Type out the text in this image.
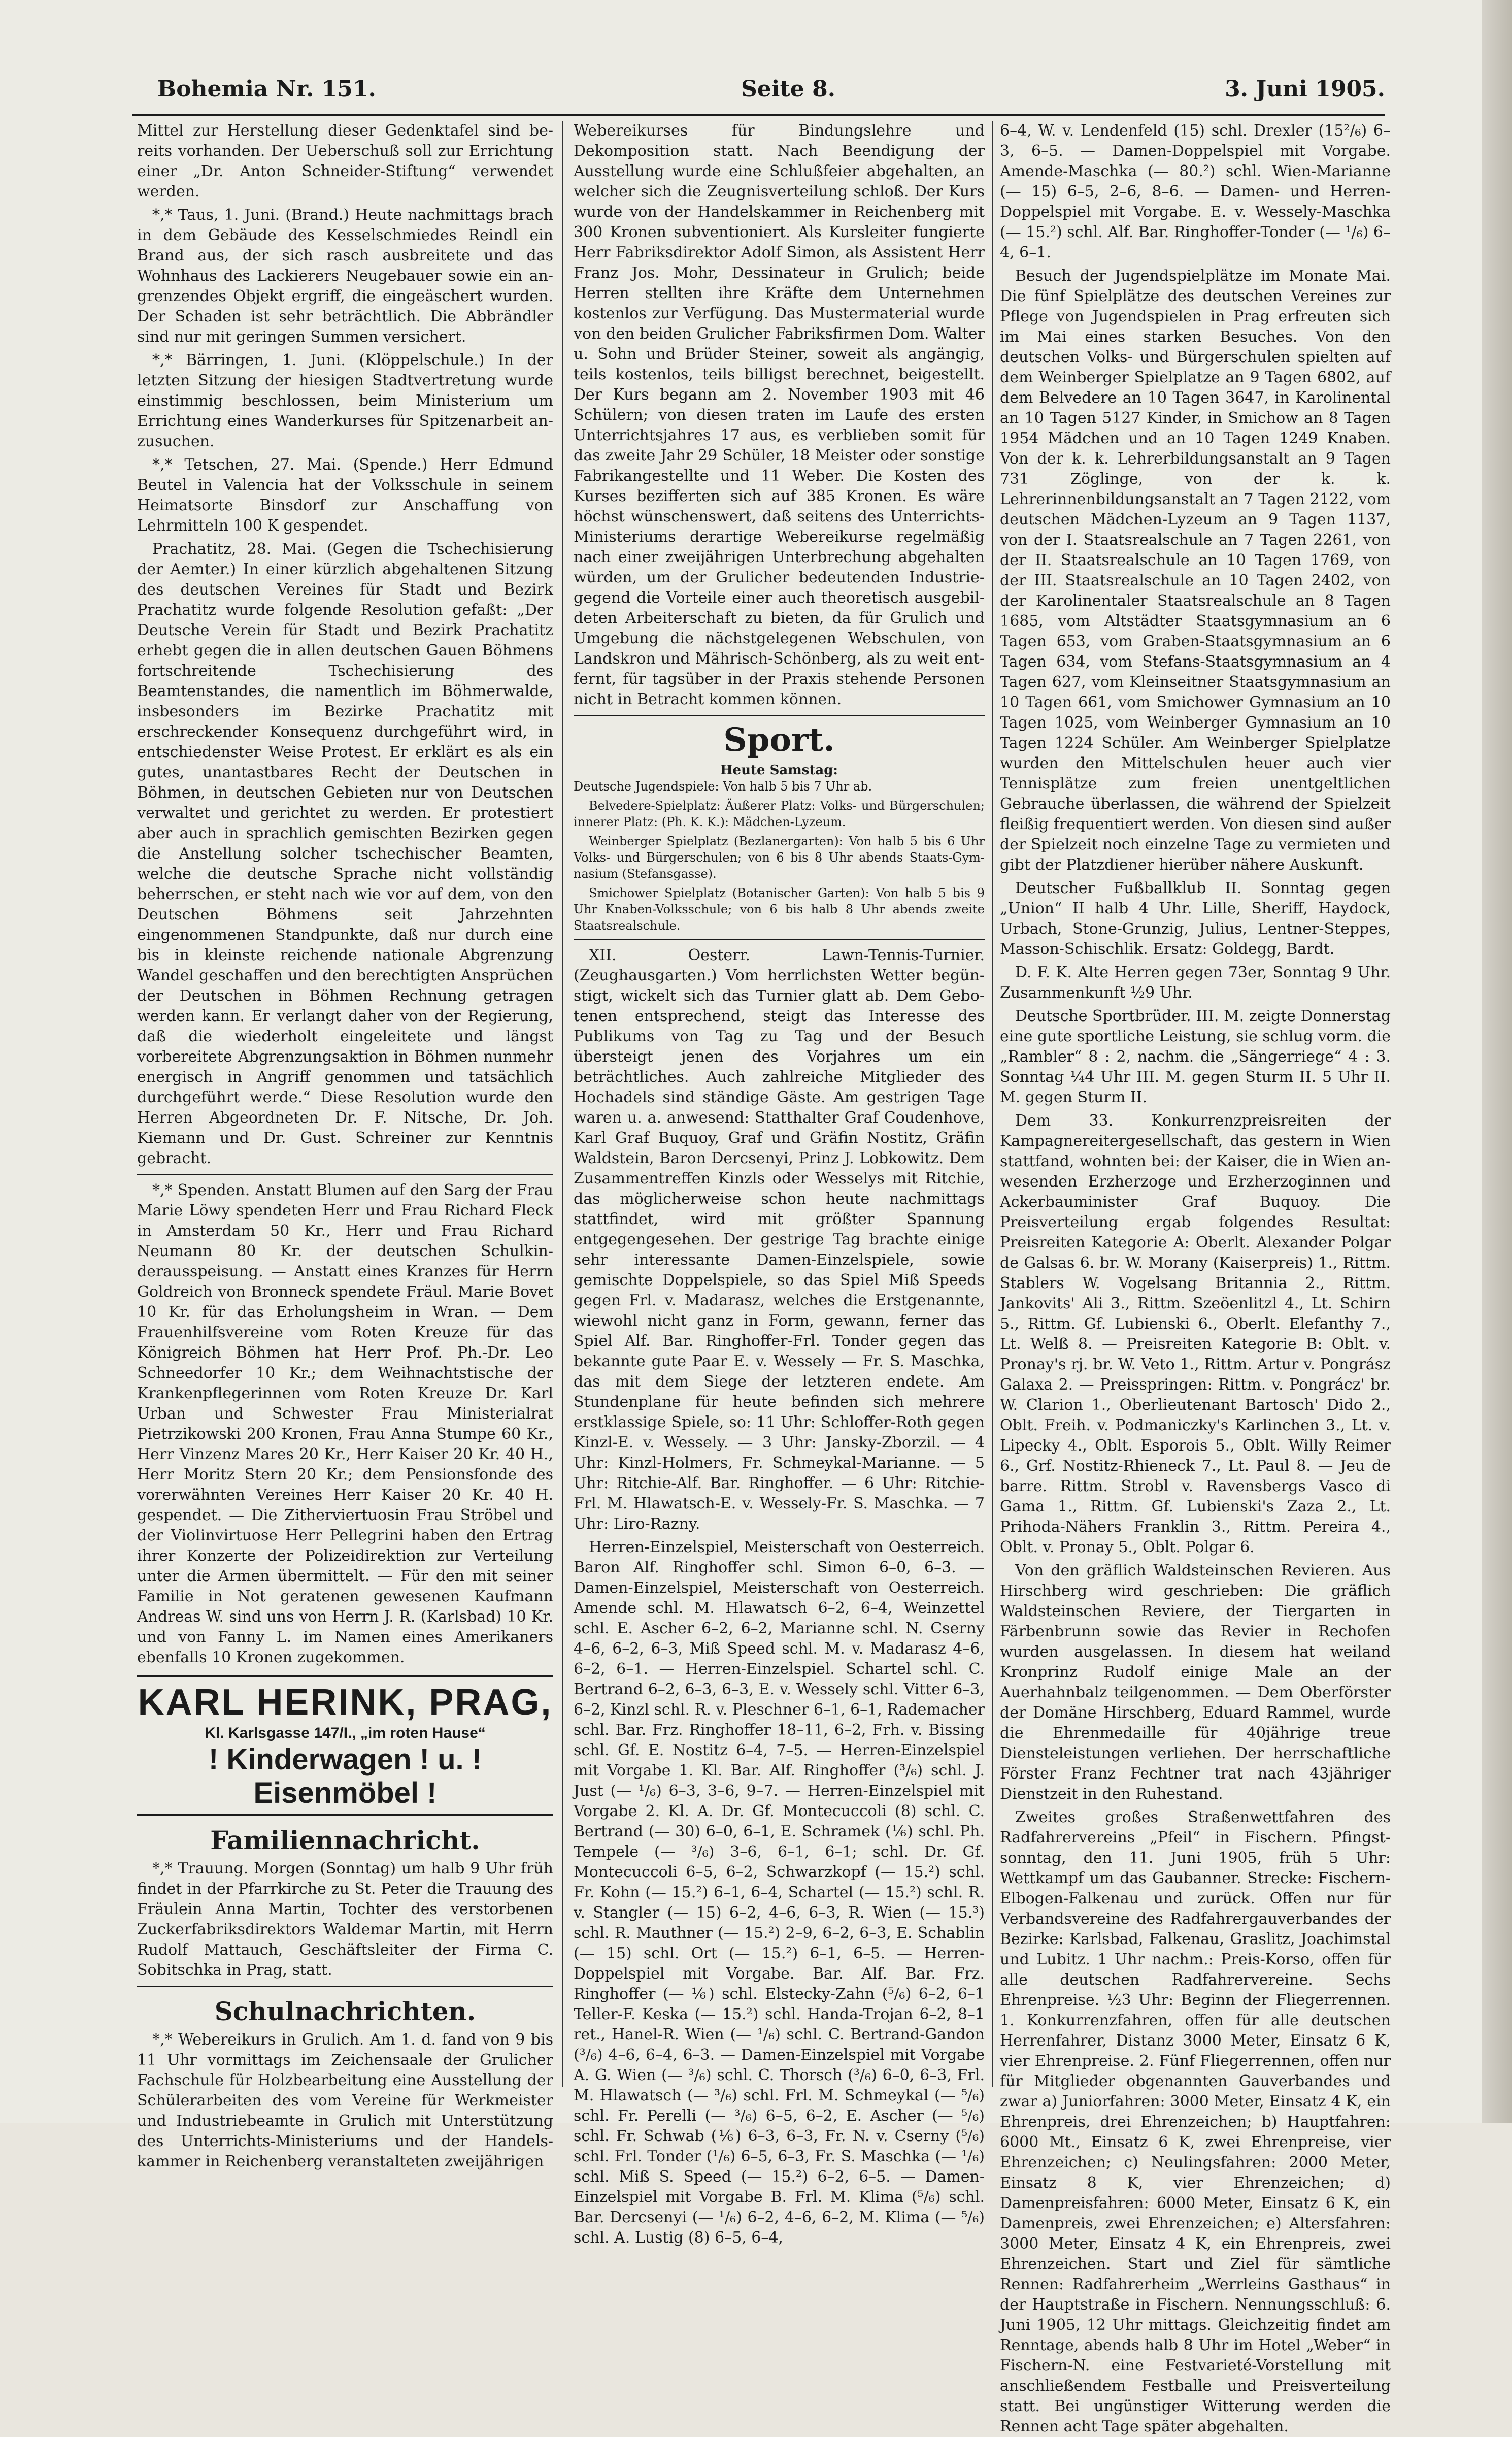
Bohemia Nr. 151.	Seite 8.	3. Juni 1905.

Mittel zur Herstellung dieser Gedenktafel sind bereits vorhanden. Der Ueberschuß soll zur Errichtung einer „Dr. Anton Schneider-Stiftung“ verwendet werden.

*,* Taus, 1. Juni. (Brand.) Heute nachmittags brach in dem Gebäude des Kesselschmiedes Reindl ein Brand aus, der sich rasch ausbreitete und das Wohnhaus des Lackierers Neugebauer sowie ein angrenzendes Objekt ergriff, die eingeäschert wurden. Der Schaden ist sehr beträchtlich. Die Abbrändler sind nur mit geringen Summen versichert.

*,* Bärringen, 1. Juni. (Klöppelschule.) In der letzten Sitzung der hiesigen Stadtvertretung wurde einstimmig beschlossen, beim Ministerium um Errichtung eines Wanderkurses für Spitzenarbeit anzusuchen.

*,* Tetschen, 27. Mai. (Spende.) Herr Edmund Beutel in Valencia hat der Volksschule in seinem Heimatsorte Binsdorf zur Anschaffung von Lehrmitteln 100 K gespendet.

Prachatitz, 28. Mai. (Gegen die Tschechisierung der Aemter.) In einer kürzlich abgehaltenen Sitzung des deutschen Vereines für Stadt und Bezirk Prachatitz wurde folgende Resolution gefaßt: „Der Deutsche Verein für Stadt und Bezirk Prachatitz erhebt gegen die in allen deutschen Gauen Böhmens fortschreitende Tschechisierung des Beamtenstandes, die namentlich im Böhmerwalde, insbesonders im Bezirke Prachatitz mit erschreckender Konsequenz durchgeführt wird, in entschiedenster Weise Protest. Er erklärt es als ein gutes, unantastbares Recht der Deutschen in Böhmen, in deutschen Gebieten nur von Deutschen verwaltet und gerichtet zu werden. Er protestiert aber auch in sprachlich gemischten Bezirken gegen die Anstellung solcher tschechischer Beamten, welche die deutsche Sprache nicht vollständig beherrschen, er steht nach wie vor auf dem, von den Deutschen Böhmens seit Jahrzehnten eingenommenen Standpunkte, daß nur durch eine bis in kleinste reichende nationale Abgrenzung Wandel geschaffen und den berechtigten Ansprüchen der Deutschen in Böhmen Rechnung getragen werden kann. Er verlangt daher von der Regierung, daß die wiederholt eingeleitete und längst vorbereitete Abgrenzungsaktion in Böhmen nunmehr energisch in Angriff genommen und tatsächlich durchgeführt werde.“ Diese Resolution wurde den Herren Abgeordneten Dr. F. Nitsche, Dr. Joh. Kiemann und Dr. Gust. Schreiner zur Kenntnis gebracht.

*,* Spenden. Anstatt Blumen auf den Sarg der Frau Marie Löwy spendeten Herr und Frau Richard Fleck in Amsterdam 50 Kr., Herr und Frau Richard Neumann 80 Kr. der deutschen Schulkinderausspeisung. — Anstatt eines Kranzes für Herrn Goldreich von Bronneck spendete Fräul. Marie Bovet 10 Kr. für das Erholungsheim in Wran. — Dem Frauenhilfsvereine vom Roten Kreuze für das Königreich Böhmen hat Herr Prof. Ph.-Dr. Leo Schneedorfer 10 Kr.; dem Weihnachtstische der Krankenpflegerinnen vom Roten Kreuze Dr. Karl Urban und Schwester Frau Ministerialrat Pietrzikowski 200 Kronen, Frau Anna Stumpe 60 Kr., Herr Vinzenz Mares 20 Kr., Herr Kaiser 20 Kr. 40 H., Herr Moritz Stern 20 Kr.; dem Pensionsfonde des vorerwähnten Vereines Herr Kaiser 20 Kr. 40 H. gespendet. — Die Zitherviertuosin Frau Ströbel und der Violinvirtuose Herr Pellegrini haben den Ertrag ihrer Konzerte der Polizeidirektion zur Verteilung unter die Armen übermittelt. — Für den mit seiner Familie in Not geratenen gewesenen Kaufmann Andreas W. sind uns von Herrn J. R. (Karlsbad) 10 Kr. und von Fanny L. im Namen eines Amerikaners ebenfalls 10 Kronen zugekommen.

KARL HERINK, PRAG,
Kl. Karlsgasse 147/I., „im roten Hause“
! Kinderwagen ! u. ! Eisenmöbel !
Familiennachricht.

*,* Trauung. Morgen (Sonntag) um halb 9 Uhr früh findet in der Pfarrkirche zu St. Peter die Trauung des Fräulein Anna Martin, Tochter des verstorbenen Zuckerfabriksdirektors Waldemar Martin, mit Herrn Rudolf Mattauch, Geschäftsleiter der Firma C. Sobitschka in Prag, statt.

Schulnachrichten.

*,* Webereikurs in Grulich. Am 1. d. fand von 9 bis 11 Uhr vormittags im Zeichensaale der Grulicher Fachschule für Holzbearbeitung eine Ausstellung der Schülerarbeiten des vom Vereine für Werkmeister und Industriebeamte in Grulich mit Unterstützung des Unterrichts-Ministeriums und der Handelskammer in Reichenberg veranstalteten zweijährigen

Webereikurses für Bindungslehre und Dekomposition statt. Nach Beendigung der Ausstellung wurde eine Schlußfeier abgehalten, an welcher sich die Zeugnisverteilung schloß. Der Kurs wurde von der Handelskammer in Reichenberg mit 300 Kronen subventioniert. Als Kursleiter fungierte Herr Fabriksdirektor Adolf Simon, als Assistent Herr Franz Jos. Mohr, Dessinateur in Grulich; beide Herren stellten ihre Kräfte dem Unternehmen kostenlos zur Verfügung. Das Mustermaterial wurde von den beiden Grulicher Fabriksfirmen Dom. Walter u. Sohn und Brüder Steiner, soweit als angängig, teils kostenlos, teils billigst berechnet, beigestellt. Der Kurs begann am 2. November 1903 mit 46 Schülern; von diesen traten im Laufe des ersten Unterrichtsjahres 17 aus, es verblieben somit für das zweite Jahr 29 Schüler, 18 Meister oder sonstige Fabrikangestellte und 11 Weber. Die Kosten des Kurses bezifferten sich auf 385 Kronen. Es wäre höchst wünschenswert, daß seitens des Unterrichts-Ministeriums derartige Webereikurse regelmäßig nach einer zweijährigen Unterbrechung abgehalten würden, um der Grulicher bedeutenden Industriegegend die Vorteile einer auch theoretisch ausgebildeten Arbeiterschaft zu bieten, da für Grulich und Umgebung die nächstgelegenen Webschulen, von Landskron und Mährisch-Schönberg, als zu weit entfernt, für tagsüber in der Praxis stehende Personen nicht in Betracht kommen können.

Sport.
Heute Samstag:

Deutsche Jugendspiele: Von halb 5 bis 7 Uhr ab.

Belvedere-Spielplatz: Äußerer Platz: Volks- und Bürgerschulen; innerer Platz: (Ph. K. K.): Mädchen-Lyzeum.

Weinberger Spielplatz (Bezlanergarten): Von halb 5 bis 6 Uhr Volks- und Bürgerschulen; von 6 bis 8 Uhr abends Staats-Gymnasium (Stefansgasse).

Smichower Spielplatz (Botanischer Garten): Von halb 5 bis 9 Uhr Knaben-Volksschule; von 6 bis halb 8 Uhr abends zweite Staatsrealschule.

XII. Oesterr. Lawn-Tennis-Turnier. (Zeughausgarten.) Vom herrlichsten Wetter begünstigt, wickelt sich das Turnier glatt ab. Dem Gebotenen entsprechend, steigt das Interesse des Publikums von Tag zu Tag und der Besuch übersteigt jenen des Vorjahres um ein beträchtliches. Auch zahlreiche Mitglieder des Hochadels sind ständige Gäste. Am gestrigen Tage waren u. a. anwesend: Statthalter Graf Coudenhove, Karl Graf Buquoy, Graf und Gräfin Nostitz, Gräfin Waldstein, Baron Dercsenyi, Prinz J. Lobkowitz. Dem Zusammentreffen Kinzls oder Wesselys mit Ritchie, das möglicherweise schon heute nachmittags stattfindet, wird mit größter Spannung entgegengesehen. Der gestrige Tag brachte einige sehr interessante Damen-Einzelspiele, sowie gemischte Doppelspiele, so das Spiel Miß Speeds gegen Frl. v. Madarasz, welches die Erstgenannte, wiewohl nicht ganz in Form, gewann, ferner das Spiel Alf. Bar. Ringhoffer-Frl. Tonder gegen das bekannte gute Paar E. v. Wessely — Fr. S. Maschka, das mit dem Siege der letzteren endete. Am Stundenplane für heute befinden sich mehrere erstklassige Spiele, so: 11 Uhr: Schloffer-Roth gegen Kinzl-E. v. Wessely. — 3 Uhr: Jansky-Zborzil. — 4 Uhr: Kinzl-Holmers, Fr. Schmeykal-Marianne. — 5 Uhr: Ritchie-Alf. Bar. Ringhoffer. — 6 Uhr: Ritchie-Frl. M. Hlawatsch-E. v. Wessely-Fr. S. Maschka. — 7 Uhr: Liro-Razny.

Herren-Einzelspiel, Meisterschaft von Oesterreich. Baron Alf. Ringhoffer schl. Simon 6–0, 6–3. — Damen-Einzelspiel, Meisterschaft von Oesterreich. Amende schl. M. Hlawatsch 6–2, 6–4, Weinzettel schl. E. Ascher 6–2, 6–2, Marianne schl. N. Cserny 4–6, 6–2, 6–3, Miß Speed schl. M. v. Madarasz 4–6, 6–2, 6–1. — Herren-Einzelspiel. Schartel schl. C. Bertrand 6–2, 6–3, 6–3, E. v. Wessely schl. Vitter 6–3, 6–2, Kinzl schl. R. v. Pleschner 6–1, 6–1, Rademacher schl. Bar. Frz. Ringhoffer 18–11, 6–2, Frh. v. Bissing schl. Gf. E. Nostitz 6–4, 7–5. — Herren-Einzelspiel mit Vorgabe 1. Kl. Bar. Alf. Ringhoffer (³/₆) schl. J. Just (— ¹/₆) 6–3, 3–6, 9–7. — Herren-Einzelspiel mit Vorgabe 2. Kl. A. Dr. Gf. Montecuccoli (8) schl. C. Bertrand (— 30) 6–0, 6–1, E. Schramek (⅙) schl. Ph. Tempele (— ³/₆) 3–6, 6–1, 6–1; schl. Dr. Gf. Montecuccoli 6–5, 6–2, Schwarzkopf (— 15.²) schl. Fr. Kohn (— 15.²) 6–1, 6–4, Schartel (— 15.²) schl. R. v. Stangler (— 15) 6–2, 4–6, 6–3, R. Wien (— 15.³) schl. R. Mauthner (— 15.²) 2–9, 6–2, 6–3, E. Schablin (— 15) schl. Ort (— 15.²) 6–1, 6–5. — Herren-Doppelspiel mit Vorgabe. Bar. Alf. Bar. Frz. Ringhoffer (— ⅙) schl. Elstecky-Zahn (⁵/₆) 6–2, 6–1 Teller-F. Keska (— 15.²) schl. Handa-Trojan 6–2, 8–1 ret., Hanel-R. Wien (— ¹/₆) schl. C. Bertrand-Gandon (³/₆) 4–6, 6–4, 6–3. — Damen-Einzelspiel mit Vorgabe A. G. Wien (— ³/₆) schl. C. Thorsch (³/₆) 6–0, 6–3, Frl. M. Hlawatsch (— ³/₆) schl. Frl. M. Schmeykal (— ⁵/₆) schl. Fr. Perelli (— ³/₆) 6–5, 6–2, E. Ascher (— ⁵/₆) schl. Fr. Schwab (⅙) 6–3, 6–3, Fr. N. v. Cserny (⁵/₆) schl. Frl. Tonder (¹/₆) 6–5, 6–3, Fr. S. Maschka (— ¹/₆) schl. Miß S. Speed (— 15.²) 6–2, 6–5. — Damen-Einzelspiel mit Vorgabe B. Frl. M. Klima (⁵/₆) schl. Bar. Dercsenyi (— ¹/₆) 6–2, 4–6, 6–2, M. Klima (— ⁵/₆) schl. A. Lustig (8) 6–5, 6–4,

6–4, W. v. Lendenfeld (15) schl. Drexler (15²/₆) 6–3, 6–5. — Damen-Doppelspiel mit Vorgabe. Amende-Maschka (— 80.²) schl. Wien-Marianne (— 15) 6–5, 2–6, 8–6. — Damen- und Herren-Doppelspiel mit Vorgabe. E. v. Wessely-Maschka (— 15.²) schl. Alf. Bar. Ringhoffer-Tonder (— ¹/₆) 6–4, 6–1.

Besuch der Jugendspielplätze im Monate Mai. Die fünf Spielplätze des deutschen Vereines zur Pflege von Jugendspielen in Prag erfreuten sich im Mai eines starken Besuches. Von den deutschen Volks- und Bürgerschulen spielten auf dem Weinberger Spielplatze an 9 Tagen 6802, auf dem Belvedere an 10 Tagen 3647, in Karolinental an 10 Tagen 5127 Kinder, in Smichow an 8 Tagen 1954 Mädchen und an 10 Tagen 1249 Knaben. Von der k. k. Lehrerbildungsanstalt an 9 Tagen 731 Zöglinge, von der k. k. Lehrerinnenbildungsanstalt an 7 Tagen 2122, vom deutschen Mädchen-Lyzeum an 9 Tagen 1137, von der I. Staatsrealschule an 7 Tagen 2261, von der II. Staatsrealschule an 10 Tagen 1769, von der III. Staatsrealschule an 10 Tagen 2402, von der Karolinentaler Staatsrealschule an 8 Tagen 1685, vom Altstädter Staatsgymnasium an 6 Tagen 653, vom Graben-Staatsgymnasium an 6 Tagen 634, vom Stefans-Staatsgymnasium an 4 Tagen 627, vom Kleinseitner Staatsgymnasium an 10 Tagen 661, vom Smichower Gymnasium an 10 Tagen 1025, vom Weinberger Gymnasium an 10 Tagen 1224 Schüler. Am Weinberger Spielplatze wurden den Mittelschulen heuer auch vier Tennisplätze zum freien unentgeltlichen Gebrauche überlassen, die während der Spielzeit fleißig frequentiert werden. Von diesen sind außer der Spielzeit noch einzelne Tage zu vermieten und gibt der Platzdiener hierüber nähere Auskunft.

Deutscher Fußballklub II. Sonntag gegen „Union“ II halb 4 Uhr. Lille, Sheriff, Haydock, Urbach, Stone-Grunzig, Julius, Lentner-Steppes, Masson-Schischlik. Ersatz: Goldegg, Bardt.

D. F. K. Alte Herren gegen 73er, Sonntag 9 Uhr. Zusammenkunft ½9 Uhr.

Deutsche Sportbrüder. III. M. zeigte Donnerstag eine gute sportliche Leistung, sie schlug vorm. die „Rambler“ 8 : 2, nachm. die „Sängerriege“ 4 : 3. Sonntag ¼4 Uhr III. M. gegen Sturm II. 5 Uhr II. M. gegen Sturm II.

Dem 33. Konkurrenzpreisreiten der Kampagnereitergesellschaft, das gestern in Wien stattfand, wohnten bei: der Kaiser, die in Wien anwesenden Erzherzoge und Erzherzoginnen und Ackerbauminister Graf Buquoy. Die Preisverteilung ergab folgendes Resultat: Preisreiten Kategorie A: Oberlt. Alexander Polgar de Galsas 6. br. W. Morany (Kaiserpreis) 1., Rittm. Stablers W. Vogelsang Britannia 2., Rittm. Jankovits' Ali 3., Rittm. Szeöenlitzl 4., Lt. Schirn 5., Rittm. Gf. Lubienski 6., Oberlt. Elefanthy 7., Lt. Welß 8. — Preisreiten Kategorie B: Oblt. v. Pronay's rj. br. W. Veto 1., Rittm. Artur v. Pongrász Galaxa 2. — Preisspringen: Rittm. v. Pongrácz' br. W. Clarion 1., Oberlieutenant Bartosch' Dido 2., Oblt. Freih. v. Podmaniczky's Karlinchen 3., Lt. v. Lipecky 4., Oblt. Esporois 5., Oblt. Willy Reimer 6., Grf. Nostitz-Rhieneck 7., Lt. Paul 8. — Jeu de barre. Rittm. Strobl v. Ravensbergs Vasco di Gama 1., Rittm. Gf. Lubienski's Zaza 2., Lt. Prihoda-Nähers Franklin 3., Rittm. Pereira 4., Oblt. v. Pronay 5., Oblt. Polgar 6.

Von den gräflich Waldsteinschen Revieren. Aus Hirschberg wird geschrieben: Die gräflich Waldsteinschen Reviere, der Tiergarten in Färbenbrunn sowie das Revier in Rechofen wurden ausgelassen. In diesem hat weiland Kronprinz Rudolf einige Male an der Auerhahnbalz teilgenommen. — Dem Oberförster der Domäne Hirschberg, Eduard Rammel, wurde die Ehrenmedaille für 40jährige treue Diensteleistungen verliehen. Der herrschaftliche Förster Franz Fechtner trat nach 43jähriger Dienstzeit in den Ruhestand.

Zweites großes Straßenwettfahren des Radfahrervereins „Pfeil“ in Fischern. Pfingstsonntag, den 11. Juni 1905, früh 5 Uhr: Wettkampf um das Gaubanner. Strecke: Fischern-Elbogen-Falkenau und zurück. Offen nur für Verbandsvereine des Radfahrergauverbandes der Bezirke: Karlsbad, Falkenau, Graslitz, Joachimstal und Lubitz. 1 Uhr nachm.: Preis-Korso, offen für alle deutschen Radfahrervereine. Sechs Ehrenpreise. ½3 Uhr: Beginn der Fliegerrennen. 1. Konkurrenzfahren, offen für alle deutschen Herrenfahrer, Distanz 3000 Meter, Einsatz 6 K, vier Ehrenpreise. 2. Fünf Fliegerrennen, offen nur für Mitglieder obgenannten Gauverbandes und zwar a) Juniorfahren: 3000 Meter, Einsatz 4 K, ein Ehrenpreis, drei Ehrenzeichen; b) Hauptfahren: 6000 Mt., Einsatz 6 K, zwei Ehrenpreise, vier Ehrenzeichen; c) Neulingsfahren: 2000 Meter, Einsatz 8 K, vier Ehrenzeichen; d) Damenpreisfahren: 6000 Meter, Einsatz 6 K, ein Damenpreis, zwei Ehrenzeichen; e) Altersfahren: 3000 Meter, Einsatz 4 K, ein Ehrenpreis, zwei Ehrenzeichen. Start und Ziel für sämtliche Rennen: Radfahrerheim „Werrleins Gasthaus“ in der Hauptstraße in Fischern. Nennungsschluß: 6. Juni 1905, 12 Uhr mittags. Gleichzeitig findet am Renntage, abends halb 8 Uhr im Hotel „Weber“ in Fischern-N. eine Festvarieté-Vorstellung mit anschließendem Festballe und Preisverteilung statt. Bei ungünstiger Witterung werden die Rennen acht Tage später abgehalten.
